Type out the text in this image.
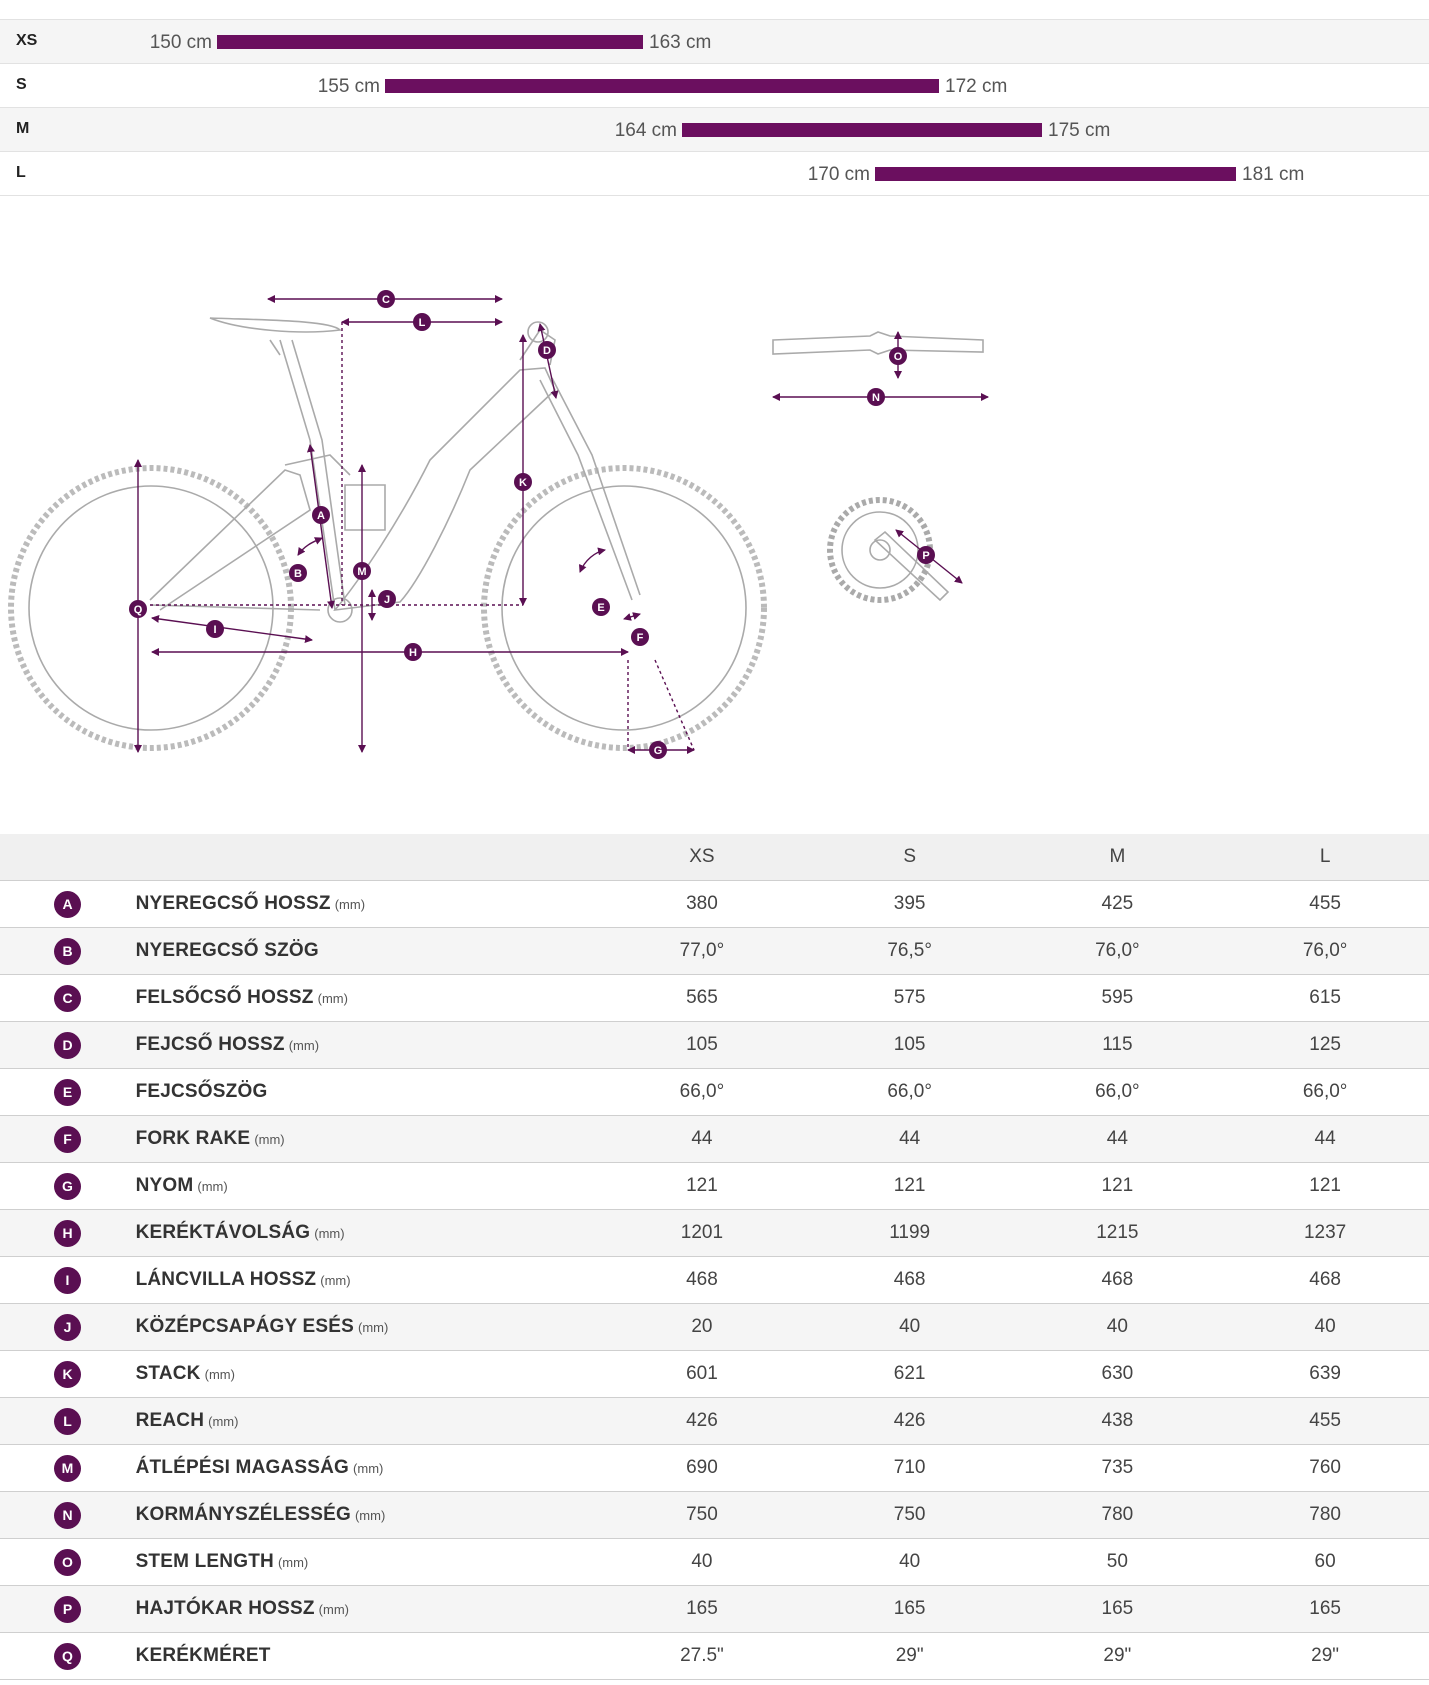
XS	150 cm	163 cm
S	155 cm	172 cm
M	164 cm	175 cm
L	170 cm	181 cm
C
L
D
K
A
B	M
J
Q
I
H
E
F
G
O
N
P
		XS	S	M	L
A	NYEREGCSŐ HOSSZ (mm)	380	395	425	455
B	NYEREGCSŐ SZÖG	77,0°	76,5°	76,0°	76,0°
C	FELSŐCSŐ HOSSZ (mm)	565	575	595	615
D	FEJCSŐ HOSSZ (mm)	105	105	115	125
E	FEJCSŐSZÖG	66,0°	66,0°	66,0°	66,0°
F	FORK RAKE (mm)	44	44	44	44
G	NYOM (mm)	121	121	121	121
H	KERÉKTÁVOLSÁG (mm)	1201	1199	1215	1237
I	LÁNCVILLA HOSSZ (mm)	468	468	468	468
J	KÖZÉPCSAPÁGY ESÉS (mm)	20	40	40	40
K	STACK (mm)	601	621	630	639
L	REACH (mm)	426	426	438	455
M	ÁTLÉPÉSI MAGASSÁG (mm)	690	710	735	760
N	KORMÁNYSZÉLESSÉG (mm)	750	750	780	780
O	STEM LENGTH (mm)	40	40	50	60
P	HAJTÓKAR HOSSZ (mm)	165	165	165	165
Q	KERÉKMÉRET	27.5"	29"	29"	29"
